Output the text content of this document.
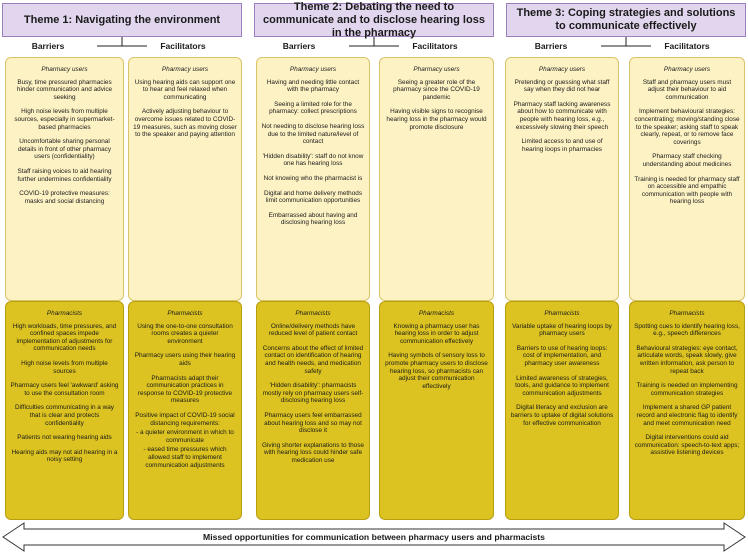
Theme 1: Navigating the environment
Theme 2: Debating the need to communicate and to disclose hearing loss in the pharmacy
Theme 3: Coping strategies and solutions to communicate effectively
Barriers	Facilitators	Barriers	Facilitators	Barriers	Facilitators
Pharmacy users
Busy, time pressured pharmacies hinder communication and advice seeking
High noise levels from multiple sources, especially in supermarket-based pharmacies
Uncomfortable sharing personal details in front of other pharmacy users (confidentiality)
Staff raising voices to aid hearing further undermines confidentiality
COVID-19 protective measures: masks and social distancing
Pharmacists
High workloads, time pressures, and confined spaces impede implementation of adjustments for communication needs
High noise levels from multiple sources
Pharmacy users feel 'awkward' asking to use the consultation room
Difficulties communicating in a way that is clear and protects confidentiality
Patients not wearing hearing aids
Hearing aids may not aid hearing in a noisy setting
Pharmacy users
Using hearing aids can support one to hear and feel relaxed when communicating
Actively adjusting behaviour to overcome issues related to COVID-19 measures, such as moving closer to the speaker and paying attention
Pharmacists
Using the one-to-one consultation rooms creates a quieter environment
Pharmacy users using their hearing aids
Pharmacists adapt their communication practices in response to COVID-19 protective measures
Positive impact of COVID-19 social distancing requirements:
- a quieter environment in which to communicate
- eased time pressures which allowed staff to implement communication adjustments
Pharmacy users
Having and needing little contact with the pharmacy
Seeing a limited role for the pharmacy: collect prescriptions
Not needing to disclose hearing loss due to the limited nature/level of contact
'Hidden disability': staff do not know one has hearing loss
Not knowing who the pharmacist is
Digital and home delivery methods limit communication opportunities
Embarrassed about having and disclosing hearing loss
Pharmacists
Online/delivery methods have reduced level of patient contact
Concerns about the effect of limited contact on identification of hearing and health needs, and medication safety
'Hidden disability': pharmacists mostly rely on pharmacy users self-disclosing hearing loss
Pharmacy users feel embarrassed about hearing loss and so may not disclose it
Giving shorter explanations to those with hearing loss could hinder safe medication use
Pharmacy users
Seeing a greater role of the pharmacy since the COVID-19 pandemic
Having visible signs to recognise hearing loss in the pharmacy would promote disclosure
Pharmacists
Knowing a pharmacy user has hearing loss in order to adjust communication effectively
Having symbols of sensory loss to promote pharmacy users to disclose hearing loss, so pharmacists can adjust their communication effectively
Pharmacy users
Pretending or guessing what staff say when they did not hear
Pharmacy staff lacking awareness about how to communicate with people with hearing loss, e.g., excessively slowing their speech
Limited access to and use of hearing loops in pharmacies
Pharmacists
Variable uptake of hearing loops by pharmacy users
Barriers to use of hearing loops: cost of implementation, and pharmacy user awareness
Limited awareness of strategies, tools, and guidance to implement communication adjustments
Digital literacy and exclusion are barriers to uptake of digital solutions for effective communication
Pharmacy users
Staff and pharmacy users must adjust their behaviour to aid communication
Implement behavioural strategies: concentrating; moving/standing close to the speaker; asking staff to speak clearly, repeat, or to remove face coverings
Pharmacy staff checking understanding about medicines
Training is needed for pharmacy staff on accessible and empathic communication with people with hearing loss
Pharmacists
Spotting cues to identify hearing loss, e.g., speech differences
Behavioural strategies: eye contact, articulate words, speak slowly, give written information, ask person to repeat back
Training is needed on implementing communication strategies
Implement a shared GP patient record and electronic flag to identify and meet communication need
Digital interventions could aid communication: speech-to-text apps; assistive listening devices
Missed opportunities for communication between pharmacy users and pharmacists
